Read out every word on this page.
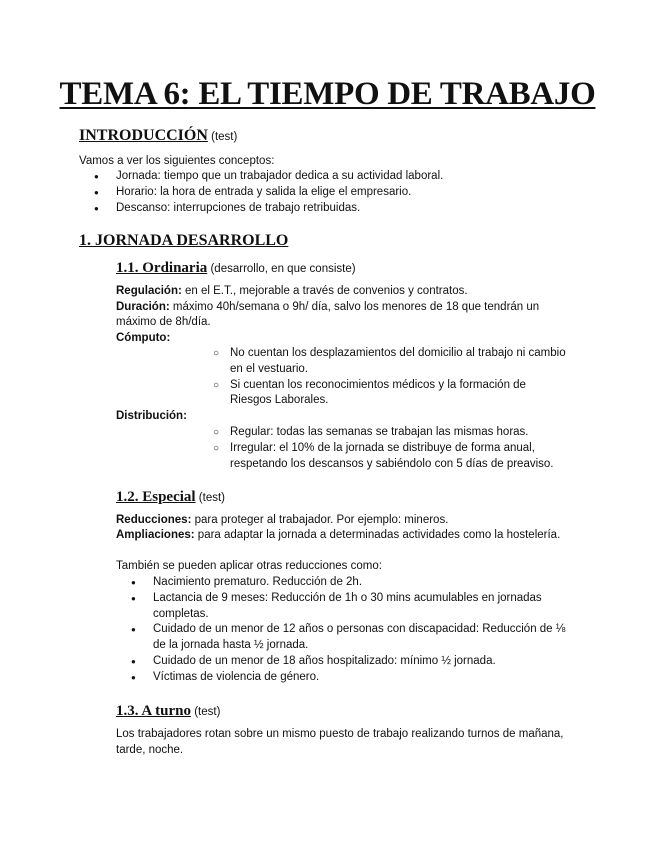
TEMA 6: EL TIEMPO DE TRABAJO
INTRODUCCIÓN (test)

Vamos a ver los siguientes conceptos:

● Jornada: tiempo que un trabajador dedica a su actividad laboral.
● Horario: la hora de entrada y salida la elige el empresario.
● Descanso: interrupciones de trabajo retribuidas.
1. JORNADA DESARROLLO
1.1. Ordinaria (desarrollo, en que consiste)

Regulación: en el E.T., mejorable a través de convenios y contratos.

Duración: máximo 40h/semana o 9h/ día, salvo los menores de 18 que tendrán un

máximo de 8h/día.

Cómputo:

○ No cuentan los desplazamientos del domicilio al trabajo ni cambio
en el vestuario.
○ Si cuentan los reconocimientos médicos y la formación de
Riesgos Laborales.

Distribución:

○ Regular: todas las semanas se trabajan las mismas horas.
○ Irregular: el 10% de la jornada se distribuye de forma anual,
respetando los descansos y sabiéndolo con 5 días de preaviso.
1.2. Especial (test)

Reducciones: para proteger al trabajador. Por ejemplo: mineros.

Ampliaciones: para adaptar la jornada a determinadas actividades como la hostelería.

También se pueden aplicar otras reducciones como:

● Nacimiento prematuro. Reducción de 2h.
● Lactancia de 9 meses: Reducción de 1h o 30 mins acumulables en jornadas
completas.
● Cuidado de un menor de 12 años o personas con discapacidad: Reducción de ⅛
de la jornada hasta ½ jornada.
● Cuidado de un menor de 18 años hospitalizado: mínimo ½ jornada.
● Víctimas de violencia de género.
1.3. A turno (test)

Los trabajadores rotan sobre un mismo puesto de trabajo realizando turnos de mañana,

tarde, noche.
